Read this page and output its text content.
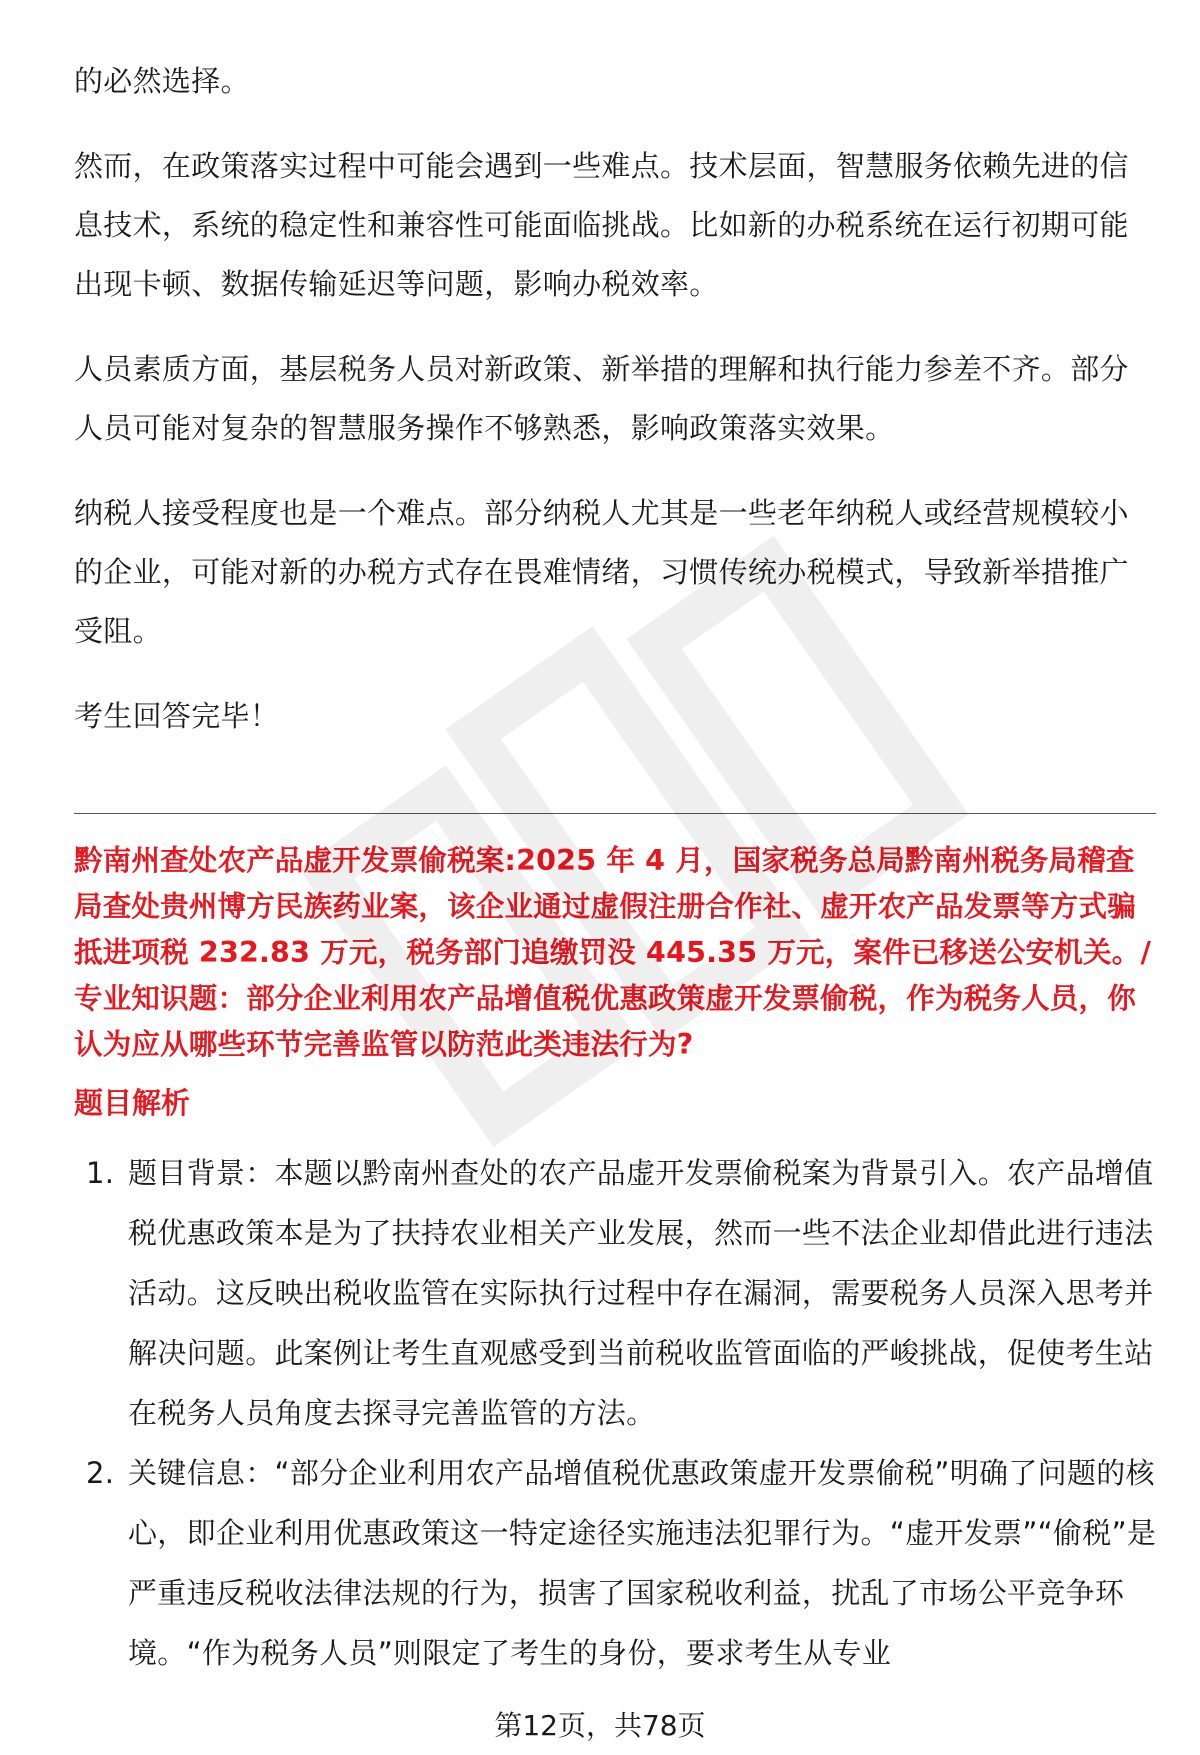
的必然选择。

然而，在政策落实过程中可能会遇到一些难点。技术层面，智慧服务依赖先进的信息技术，系统的稳定性和兼容性可能面临挑战。比如新的办税系统在运行初期可能出现卡顿、数据传输延迟等问题，影响办税效率。

人员素质方面，基层税务人员对新政策、新举措的理解和执行能力参差不齐。部分人员可能对复杂的智慧服务操作不够熟悉，影响政策落实效果。

纳税人接受程度也是一个难点。部分纳税人尤其是一些老年纳税人或经营规模较小的企业，可能对新的办税方式存在畏难情绪，习惯传统办税模式，导致新举措推广受阻。

考生回答完毕！

黔南州查处农产品虚开发票偷税案:2025 年 4 月，国家税务总局黔南州税务局稽查局查处贵州博方民族药业案，该企业通过虚假注册合作社、虚开农产品发票等方式骗抵进项税 232.83 万元，税务部门追缴罚没 445.35 万元，案件已移送公安机关。/专业知识题：部分企业利用农产品增值税优惠政策虚开发票偷税，作为税务人员，你认为应从哪些环节完善监管以防范此类违法行为?
题目解析
1. 题目背景：本题以黔南州查处的农产品虚开发票偷税案为背景引入。农产品增值税优惠政策本是为了扶持农业相关产业发展，然而一些不法企业却借此进行违法活动。这反映出税收监管在实际执行过程中存在漏洞，需要税务人员深入思考并解决问题。此案例让考生直观感受到当前税收监管面临的严峻挑战，促使考生站在税务人员角度去探寻完善监管的方法。
2. 关键信息：“部分企业利用农产品增值税优惠政策虚开发票偷税”明确了问题的核心，即企业利用优惠政策这一特定途径实施违法犯罪行为。“虚开发票”“偷税”是严重违反税收法律法规的行为，损害了国家税收利益，扰乱了市场公平竞争环境。“作为税务人员”则限定了考生的身份，要求考生从专业
第12页，共78页
